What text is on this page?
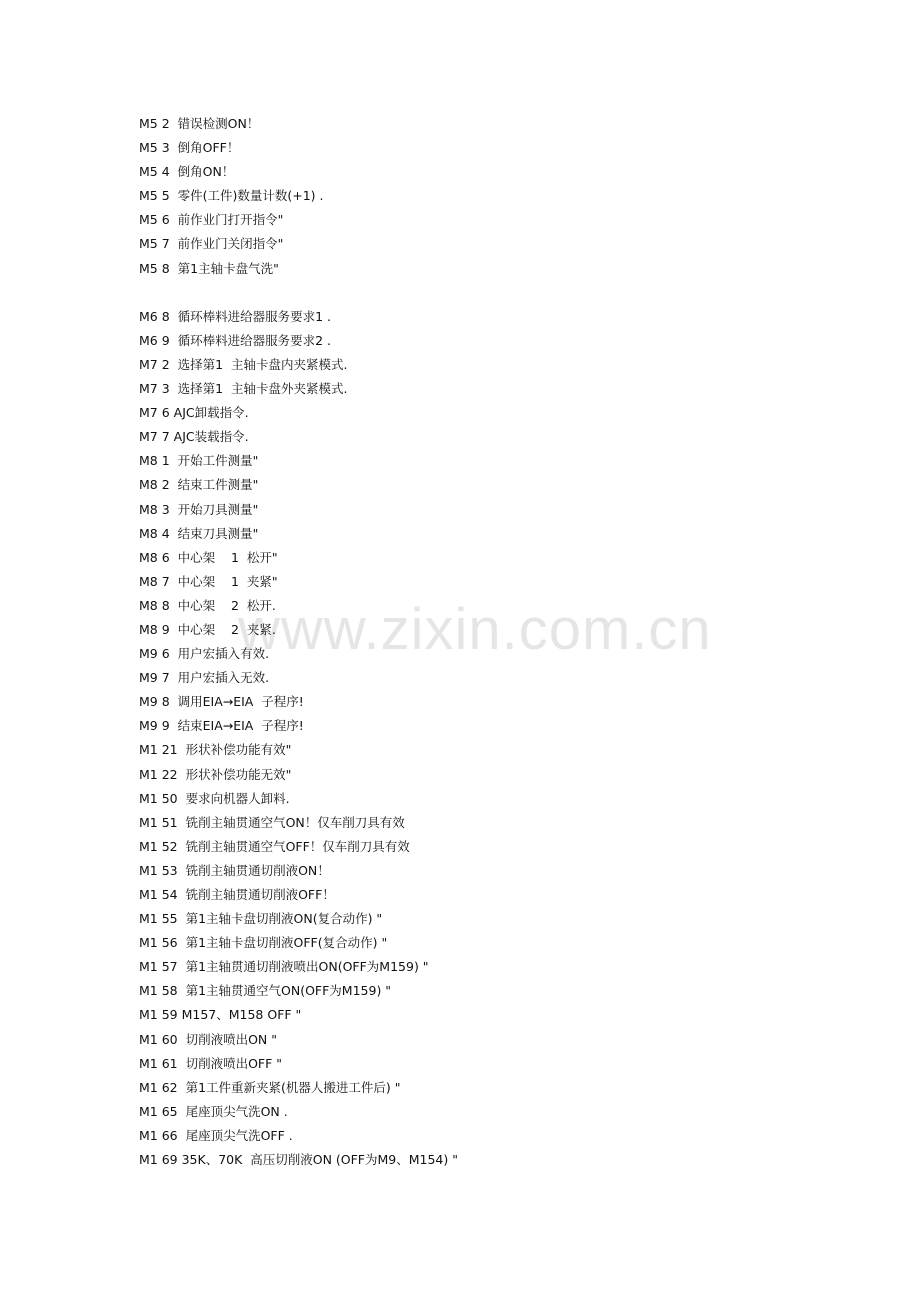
M5 2  错误检测ON！
M5 3  倒角OFF！
M5 4  倒角ON！
M5 5  零件(工件)数量计数(+1) .
M5 6  前作业门打开指令"
M5 7  前作业门关闭指令"
M5 8  第1主轴卡盘气洗"
M6 8  循环棒料进给器服务要求1 .
M6 9  循环棒料进给器服务要求2 .
M7 2  选择第1  主轴卡盘内夹紧模式.
M7 3  选择第1  主轴卡盘外夹紧模式.
M7 6 AJC卸载指令.
M7 7 AJC装载指令.
M8 1  开始工件测量"
M8 2  结束工件测量"
M8 3  开始刀具测量"
M8 4  结束刀具测量"
M8 6  中心架    1  松开"
M8 7  中心架    1  夹紧"
M8 8  中心架    2  松开.
M8 9  中心架    2  夹紧.
M9 6  用户宏插入有效.
M9 7  用户宏插入无效.
M9 8  调用EIA→EIA  子程序!
M9 9  结束EIA→EIA  子程序!
M1 21  形状补偿功能有效"
M1 22  形状补偿功能无效"
M1 50  要求向机器人卸料.
M1 51  铣削主轴贯通空气ON！仅车削刀具有效
M1 52  铣削主轴贯通空气OFF！仅车削刀具有效
M1 53  铣削主轴贯通切削液ON！
M1 54  铣削主轴贯通切削液OFF！
M1 55  第1主轴卡盘切削液ON(复合动作) "
M1 56  第1主轴卡盘切削液OFF(复合动作) "
M1 57  第1主轴贯通切削液喷出ON(OFF为M159) "
M1 58  第1主轴贯通空气ON(OFF为M159) "
M1 59 M157、M158 OFF "
M1 60  切削液喷出ON "
M1 61  切削液喷出OFF "
M1 62  第1工件重新夹紧(机器人搬进工件后) "
M1 65  尾座顶尖气洗ON .
M1 66  尾座顶尖气洗OFF .
M1 69 35K、70K  高压切削液ON (OFF为M9、M154) "
www.zixin.com.cn
